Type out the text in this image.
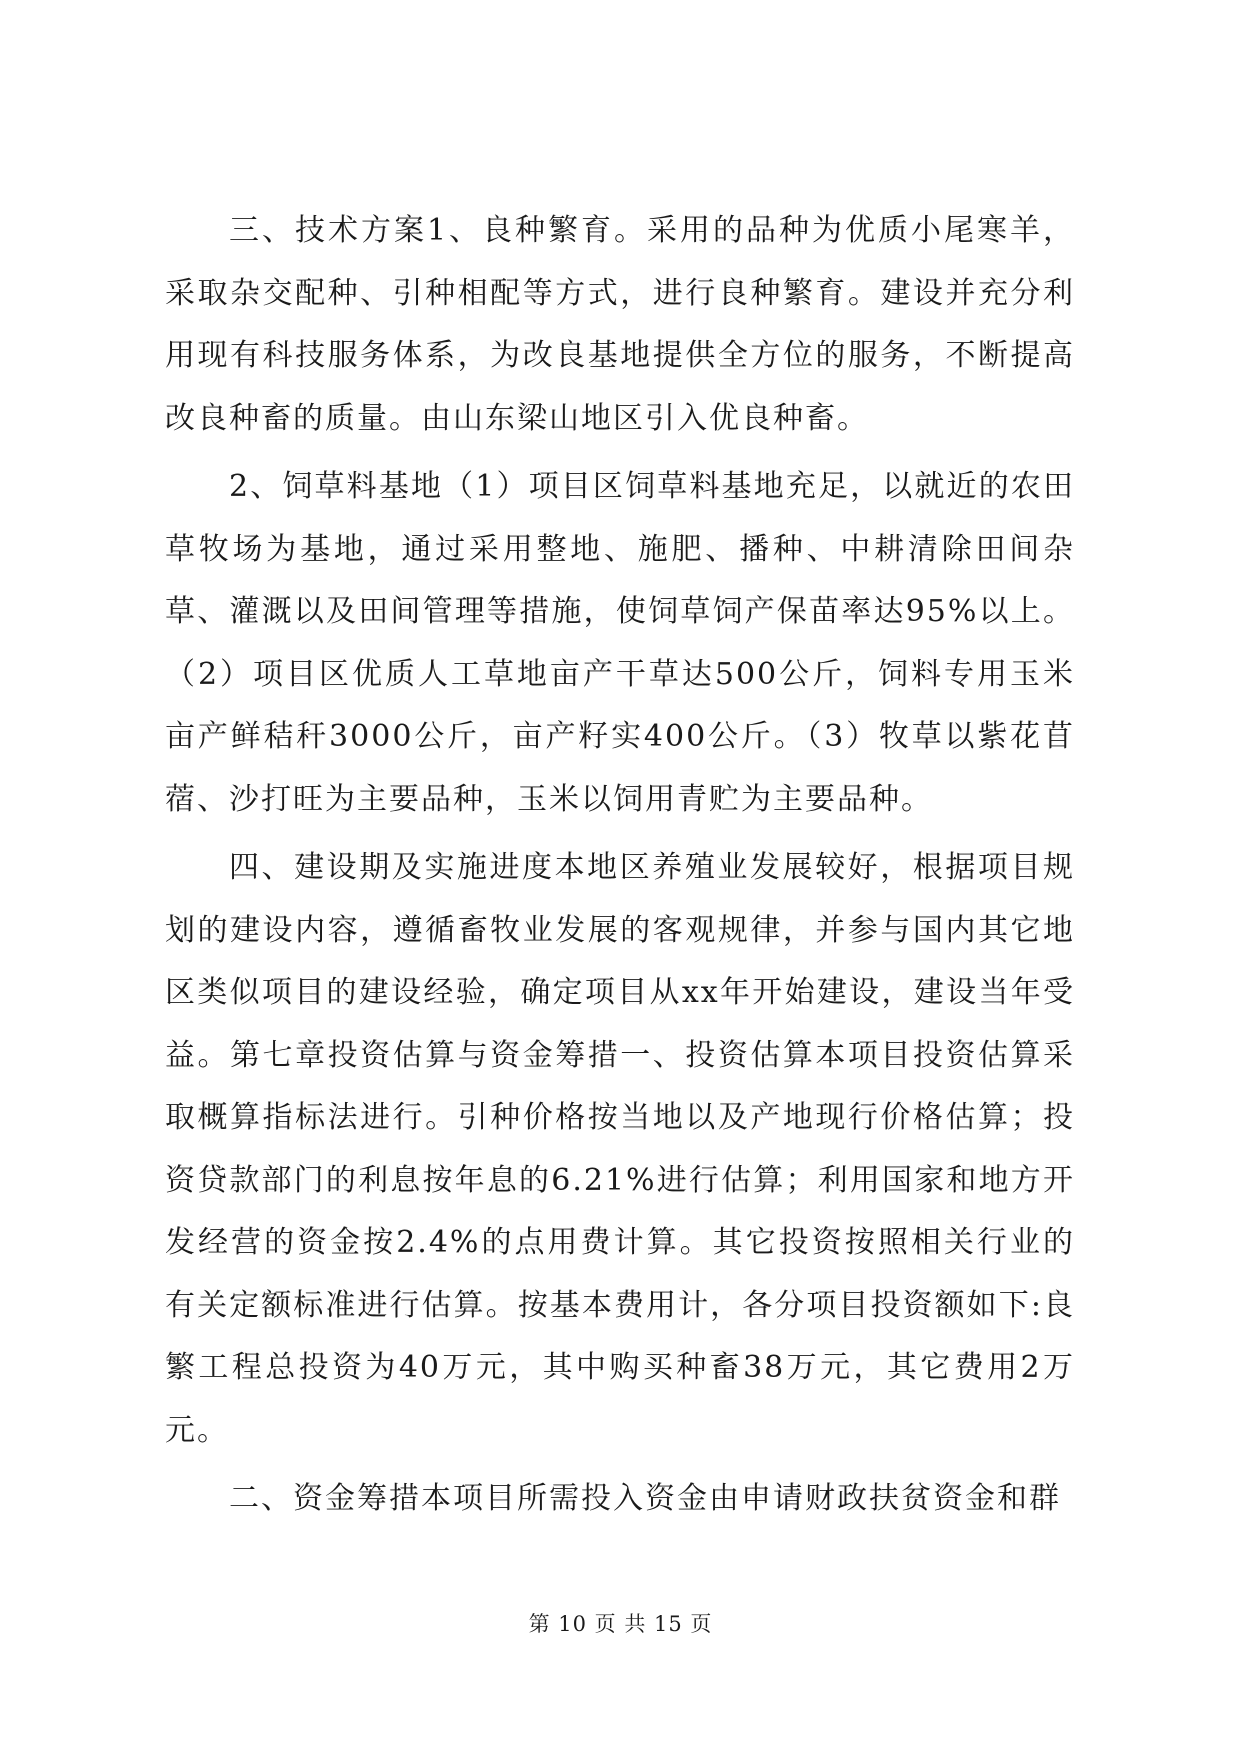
三、技术方案1、良种繁育。采用的品种为优质小尾寒羊，采取杂交配种、引种相配等方式，进行良种繁育。建设并充分利用现有科技服务体系，为改良基地提供全方位的服务，不断提高改良种畜的质量。由山东梁山地区引入优良种畜。

2、饲草料基地（1）项目区饲草料基地充足，以就近的农田草牧场为基地，通过采用整地、施肥、播种、中耕清除田间杂草、灌溉以及田间管理等措施，使饲草饲产保苗率达95%以上。（2）项目区优质人工草地亩产干草达500公斤，饲料专用玉米亩产鲜秸秆3000公斤，亩产籽实400公斤。（3）牧草以紫花苜蓿、沙打旺为主要品种，玉米以饲用青贮为主要品种。

四、建设期及实施进度本地区养殖业发展较好，根据项目规划的建设内容，遵循畜牧业发展的客观规律，并参与国内其它地区类似项目的建设经验，确定项目从xx年开始建设，建设当年受益。第七章投资估算与资金筹措一、投资估算本项目投资估算采取概算指标法进行。引种价格按当地以及产地现行价格估算；投资贷款部门的利息按年息的6.21%进行估算；利用国家和地方开发经营的资金按2.4%的点用费计算。其它投资按照相关行业的有关定额标准进行估算。按基本费用计，各分项目投资额如下:良繁工程总投资为40万元，其中购买种畜38万元，其它费用2万元。

二、资金筹措本项目所需投入资金由申请财政扶贫资金和群

第 10 页 共 15 页
